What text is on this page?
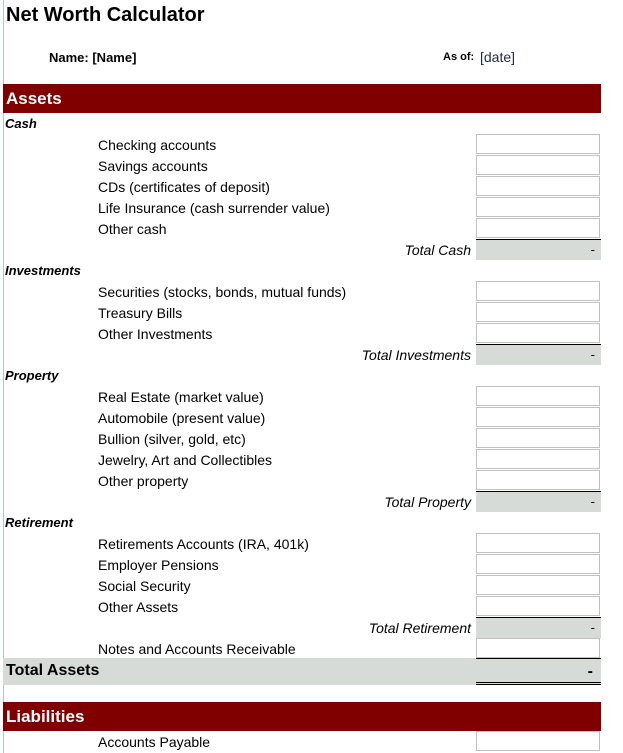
Net Worth Calculator
Name: [Name]	As of: [date]
Assets
Cash
Checking accounts
Savings accounts
CDs (certificates of deposit)
Life Insurance (cash surrender value)
Other cash
Total Cash	-
Investments
Securities (stocks, bonds, mutual funds)
Treasury Bills
Other Investments
Total Investments	-
Property
Real Estate (market value)
Automobile (present value)
Bullion (silver, gold, etc)
Jewelry, Art and Collectibles
Other property
Total Property	-
Retirement
Retirements Accounts (IRA, 401k)
Employer Pensions
Social Security
Other Assets
Total Retirement	-
Notes and Accounts Receivable
Total Assets	-
Liabilities
Accounts Payable
